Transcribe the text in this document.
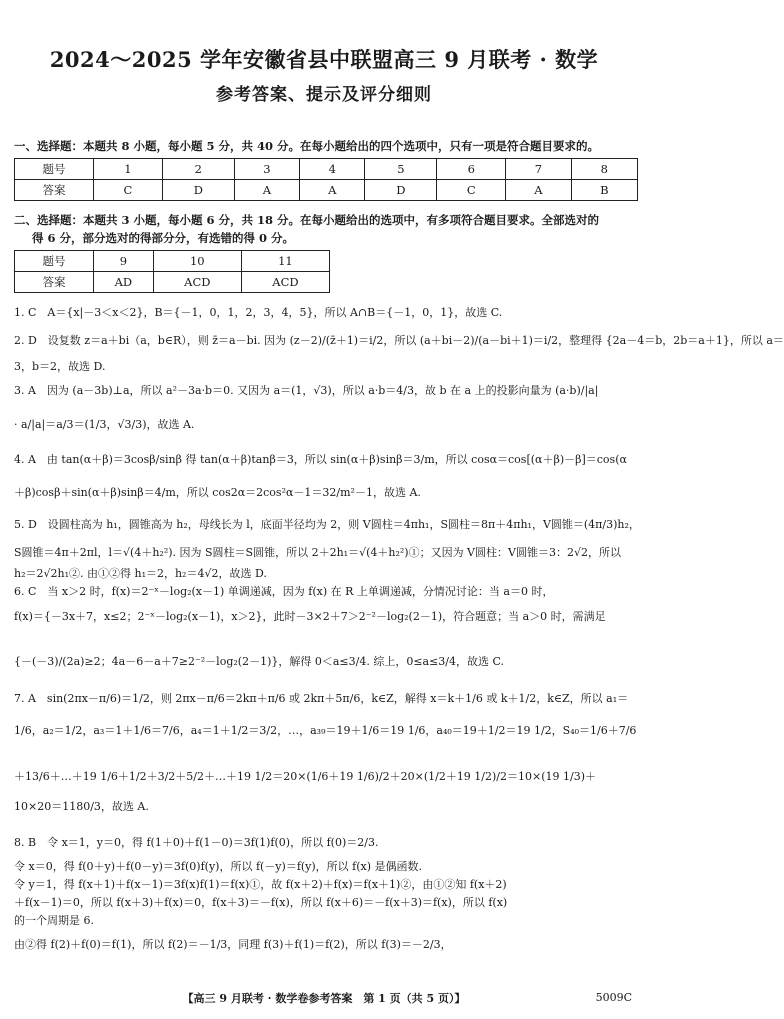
2024～2025 学年安徽省县中联盟高三 9 月联考 · 数学
参考答案、提示及评分细则
一、选择题：本题共 8 小题，每小题 5 分，共 40 分。在每小题给出的四个选项中，只有一项是符合题目要求的。
题号	1	2	3	4	5	6	7	8
答案	C	D	A	A	D	C	A	B
二、选择题：本题共 3 小题，每小题 6 分，共 18 分。在每小题给出的选项中，有多项符合题目要求。全部选对的
得 6 分，部分选对的得部分分，有选错的得 0 分。
题号	9	10	11
答案	AD	ACD	ACD
1. C　A＝{x|－3＜x＜2}，B＝{－1，0，1，2，3，4，5}，所以 A∩B＝{－1，0，1}，故选 C.
2. D　设复数 z＝a＋bi（a，b∈R），则 z̄＝a－bi. 因为 (z－2)/(z̄＋1)＝i/2，所以 (a＋bi－2)/(a－bi＋1)＝i/2，整理得 {2a－4＝b，2b＝a＋1}，所以 a＝
3，b＝2，故选 D.
3. A　因为 (a－3b)⊥a，所以 a²－3a·b＝0. 又因为 a＝(1，√3)，所以 a·b＝4/3，故 b 在 a 上的投影向量为 (a·b)/|a|
· a/|a|＝a/3＝(1/3，√3/3)，故选 A.
4. A　由 tan(α＋β)＝3cosβ/sinβ 得 tan(α＋β)tanβ＝3，所以 sin(α＋β)sinβ＝3/m，所以 cosα＝cos[(α＋β)－β]＝cos(α
＋β)cosβ＋sin(α＋β)sinβ＝4/m，所以 cos2α＝2cos²α－1＝32/m²－1，故选 A.
5. D　设圆柱高为 h₁，圆锥高为 h₂，母线长为 l，底面半径均为 2，则 V圆柱＝4πh₁，S圆柱＝8π＋4πh₁，V圆锥＝(4π/3)h₂，
S圆锥＝4π＋2πl，l＝√(4＋h₂²). 因为 S圆柱＝S圆锥，所以 2＋2h₁＝√(4＋h₂²)①；又因为 V圆柱：V圆锥＝3：2√2，所以
h₂＝2√2h₁②. 由①②得 h₁＝2，h₂＝4√2，故选 D.
6. C　当 x＞2 时，f(x)＝2⁻ˣ－log₂(x－1) 单调递减，因为 f(x) 在 R 上单调递减，分情况讨论：当 a＝0 时，
f(x)＝{－3x＋7，x≤2；2⁻ˣ－log₂(x－1)，x＞2}，此时－3×2＋7＞2⁻²－log₂(2－1)，符合题意；当 a＞0 时，需满足
{－(－3)/(2a)≥2；4a－6－a＋7≥2⁻²－log₂(2－1)}，解得 0＜a≤3/4. 综上，0≤a≤3/4，故选 C.
7. A　sin(2πx－π/6)＝1/2，则 2πx－π/6＝2kπ＋π/6 或 2kπ＋5π/6，k∈Z，解得 x＝k＋1/6 或 k＋1/2，k∈Z，所以 a₁＝
1/6，a₂＝1/2，a₃＝1＋1/6＝7/6，a₄＝1＋1/2＝3/2，…，a₃₉＝19＋1/6＝19 1/6，a₄₀＝19＋1/2＝19 1/2，S₄₀＝1/6＋7/6
＋13/6＋…＋19 1/6＋1/2＋3/2＋5/2＋…＋19 1/2＝20×(1/6＋19 1/6)/2＋20×(1/2＋19 1/2)/2＝10×(19 1/3)＋
10×20＝1180/3，故选 A.
8. B　令 x＝1，y＝0，得 f(1＋0)＋f(1－0)＝3f(1)f(0)，所以 f(0)＝2/3.
令 x＝0，得 f(0＋y)＋f(0－y)＝3f(0)f(y)，所以 f(－y)＝f(y)，所以 f(x) 是偶函数.
令 y＝1，得 f(x＋1)＋f(x－1)＝3f(x)f(1)＝f(x)①，故 f(x＋2)＋f(x)＝f(x＋1)②，由①②知 f(x＋2)
＋f(x－1)＝0，所以 f(x＋3)＋f(x)＝0，f(x＋3)＝－f(x)，所以 f(x＋6)＝－f(x＋3)＝f(x)，所以 f(x)
的一个周期是 6.
由②得 f(2)＋f(0)＝f(1)，所以 f(2)＝－1/3，同理 f(3)＋f(1)＝f(2)，所以 f(3)＝－2/3，
【高三 9 月联考 · 数学卷参考答案　第 1 页（共 5 页）】	5009C
